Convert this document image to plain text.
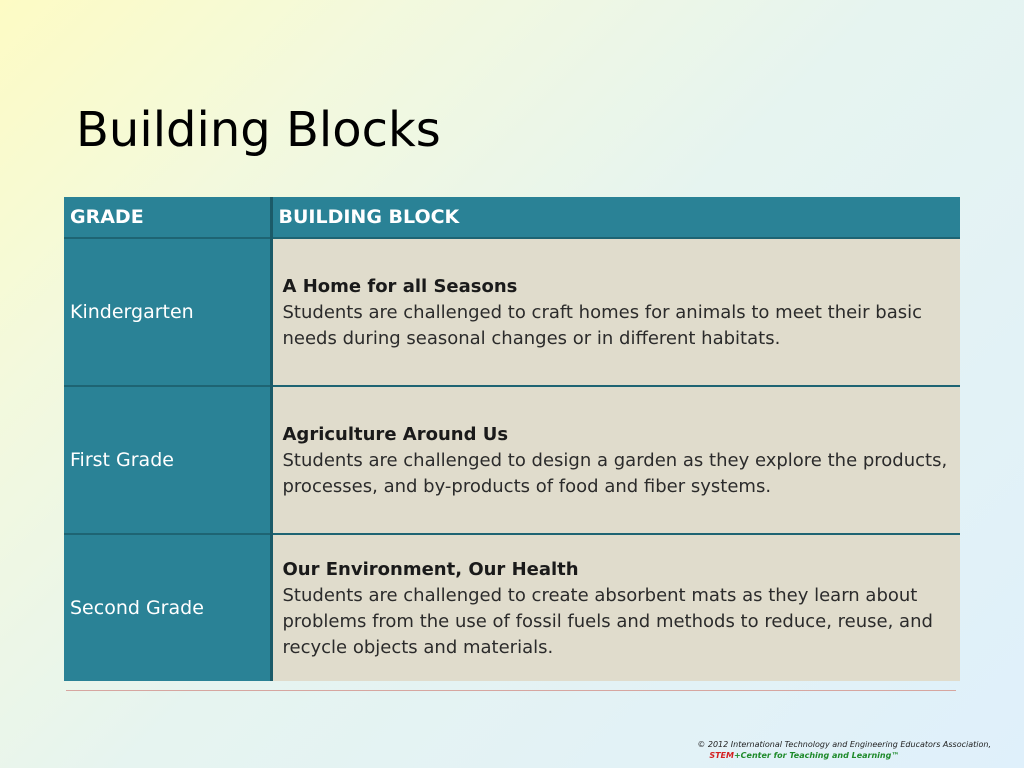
Building Blocks
GRADE	BUILDING BLOCK
Kindergarten	A Home for all Seasons
Students are challenged to craft homes for animals to meet their basic needs during seasonal changes or in different habitats.

First Grade	Agriculture Around Us
Students are challenged to design a garden as they explore the products, processes, and by-products of food and fiber systems.

Second Grade	Our Environment, Our Health
Students are challenged to create absorbent mats as they learn about problems from the use of fossil fuels and methods to reduce, reuse, and recycle objects and materials.
© 2012 International Technology and Engineering Educators Association,
STEM+Center for Teaching and Learning™
